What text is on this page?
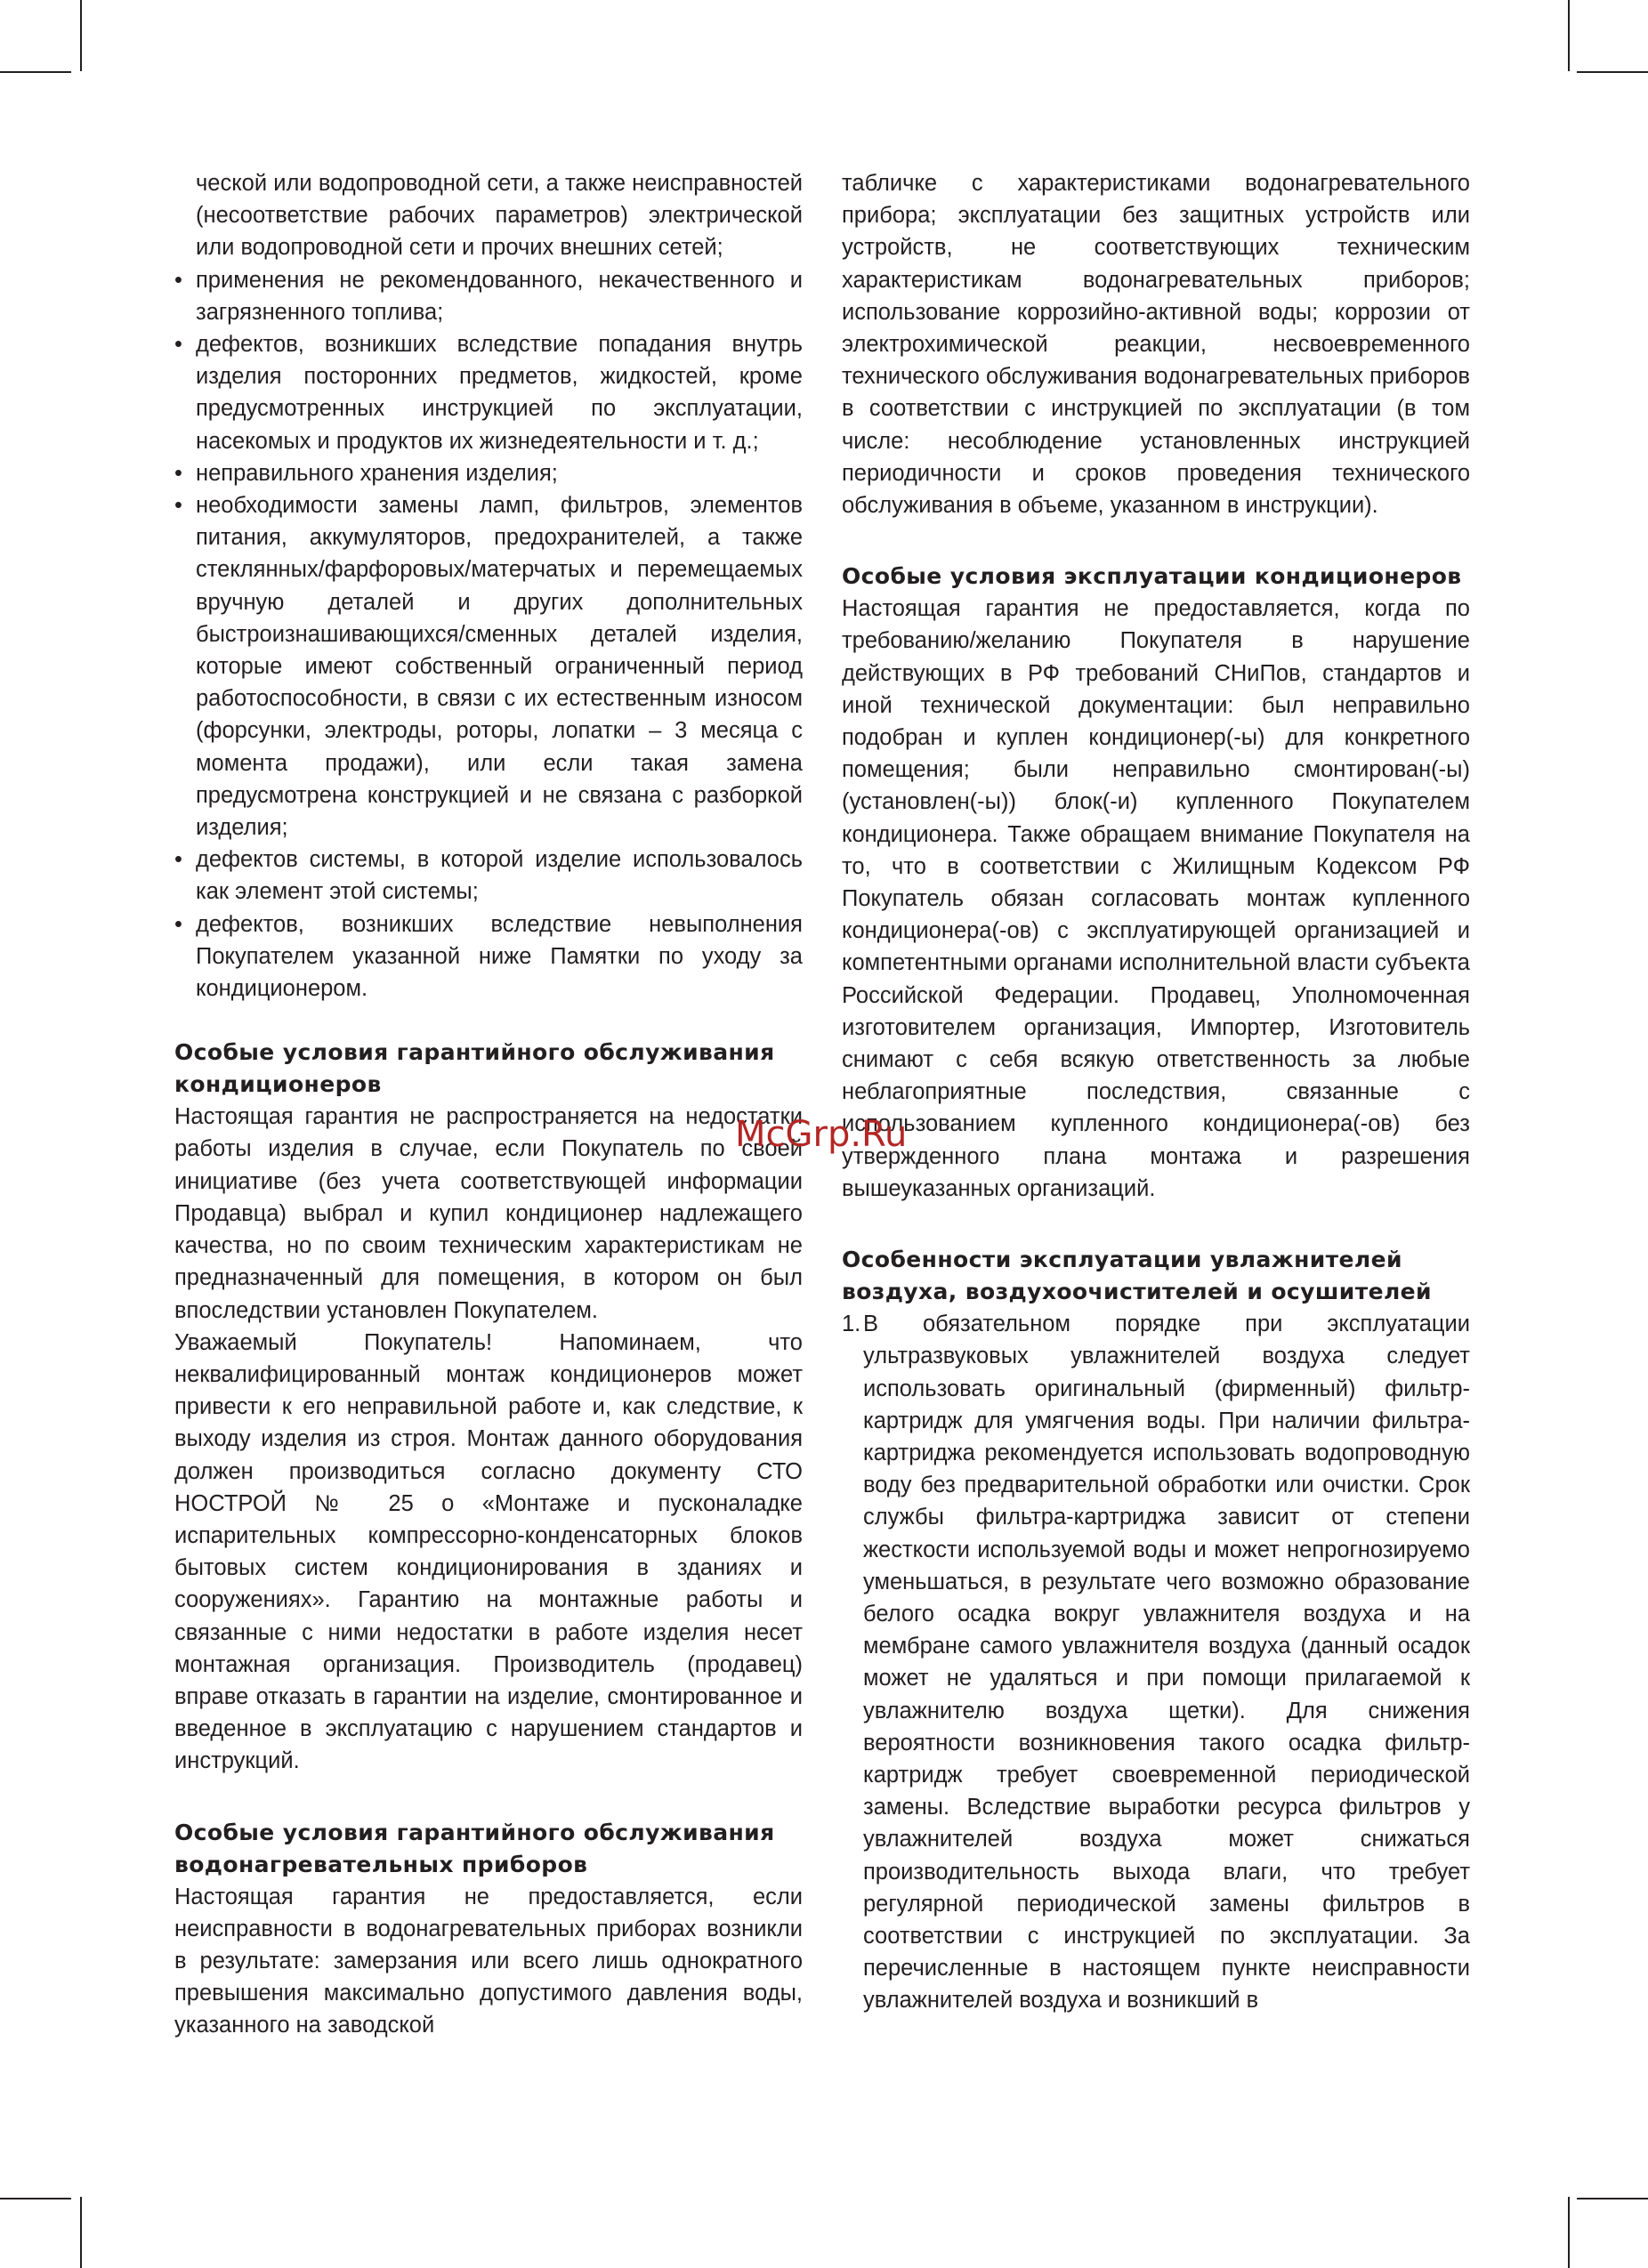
ческой или водопроводной сети, а также неисправностей (несоответствие рабочих параметров) электрической или водопроводной сети и прочих внешних сетей;

• применения не рекомендованного, некачественного и загрязненного топлива;
• дефектов, возникших вследствие попадания внутрь изделия посторонних предметов, жидкостей, кроме предусмотренных инструкцией по эксплуатации, насекомых и продуктов их жизнедеятельности и т. д.;
• неправильного хранения изделия;
• необходимости замены ламп, фильтров, элементов питания, аккумуляторов, предохранителей, а также стеклянных/фарфоровых/матерчатых и перемещаемых вручную деталей и других дополнительных быстроизнашивающихся/сменных деталей изделия, которые имеют собственный ограниченный период работоспособности, в связи с их естественным износом (форсунки, электроды, роторы, лопатки – 3 месяца с момента продажи), или если такая замена предусмотрена конструкцией и не связана с разборкой изделия;
• дефектов системы, в которой изделие использовалось как элемент этой системы;
• дефектов, возникших вследствие невыполнения Покупателем указанной ниже Памятки по уходу за кондиционером.
Особые условия гарантийного обслуживания кондиционеров

Настоящая гарантия не распространяется на недостатки работы изделия в случае, если Покупатель по своей инициативе (без учета соответствующей информации Продавца) выбрал и купил кондиционер надлежащего качества, но по своим техническим характеристикам не предназначенный для помещения, в котором он был впоследствии установлен Покупателем.

Уважаемый Покупатель! Напоминаем, что неквалифицированный монтаж кондиционеров может привести к его неправильной работе и, как следствие, к выходу изделия из строя. Монтаж данного оборудования должен производиться согласно документу СТО НОСТРОЙ № 25 о «Монтаже и пусконаладке испарительных компрессорно-конденсаторных блоков бытовых систем кондиционирования в зданиях и сооружениях». Гарантию на монтажные работы и связанные с ними недостатки в работе изделия несет монтажная организация. Производитель (продавец) вправе отказать в гарантии на изделие, смонтированное и введенное в эксплуатацию с нарушением стандартов и инструкций.

Особые условия гарантийного обслуживания водонагревательных приборов

Настоящая гарантия не предоставляется, если неисправности в водонагревательных приборах возникли в результате: замерзания или всего лишь однократного превышения максимально допустимого давления воды, указанного на заводской

табличке с характеристиками водонагревательного прибора; эксплуатации без защитных устройств или устройств, не соответствующих техническим характеристикам водонагревательных приборов; использование коррозийно-активной воды; коррозии от электрохимической реакции, несвоевременного технического обслуживания водонагревательных приборов в соответствии с инструкцией по эксплуатации (в том числе: несоблюдение установленных инструкцией периодичности и сроков проведения технического обслуживания в объеме, указанном в инструкции).

Особые условия эксплуатации кондиционеров

Настоящая гарантия не предоставляется, когда по требованию/желанию Покупателя в нарушение действующих в РФ требований СНиПов, стандартов и иной технической документации: был неправильно подобран и куплен кондиционер(-ы) для конкретного помещения; были неправильно смонтирован(-ы) (установлен(-ы)) блок(-и) купленного Покупателем кондиционера. Также обращаем внимание Покупателя на то, что в соответствии с Жилищным Кодексом РФ Покупатель обязан согласовать монтаж купленного кондиционера(-ов) с эксплуатирующей организацией и компетентными органами исполнительной власти субъекта Российской Федерации. Продавец, Уполномоченная изготовителем организация, Импортер, Изготовитель снимают с себя всякую ответственность за любые неблагоприятные последствия, связанные с использованием купленного кондиционера(-ов) без утвержденного плана монтажа и разрешения вышеуказанных организаций.

Особенности эксплуатации увлажнителей воздуха, воздухоочистителей и осушителей
1. В обязательном порядке при эксплуатации ультразвуковых увлажнителей воздуха следует использовать оригинальный (фирменный) фильтр-картридж для умягчения воды. При наличии фильтра-картриджа рекомендуется использовать водопроводную воду без предварительной обработки или очистки. Срок службы фильтра-картриджа зависит от степени жесткости используемой воды и может непрогнозируемо уменьшаться, в результате чего возможно образование белого осадка вокруг увлажнителя воздуха и на мембране самого увлажнителя воздуха (данный осадок может не удаляться и при помощи прилагаемой к увлажнителю воздуха щетки). Для снижения вероятности возникновения такого осадка фильтр-картридж требует своевременной периодической замены. Вследствие выработки ресурса фильтров у увлажнителей воздуха может снижаться производительность выхода влаги, что требует регулярной периодической замены фильтров в соответствии с инструкцией по эксплуатации. За перечисленные в настоящем пункте неисправности увлажнителей воздуха и возникший в
McGrp.Ru
